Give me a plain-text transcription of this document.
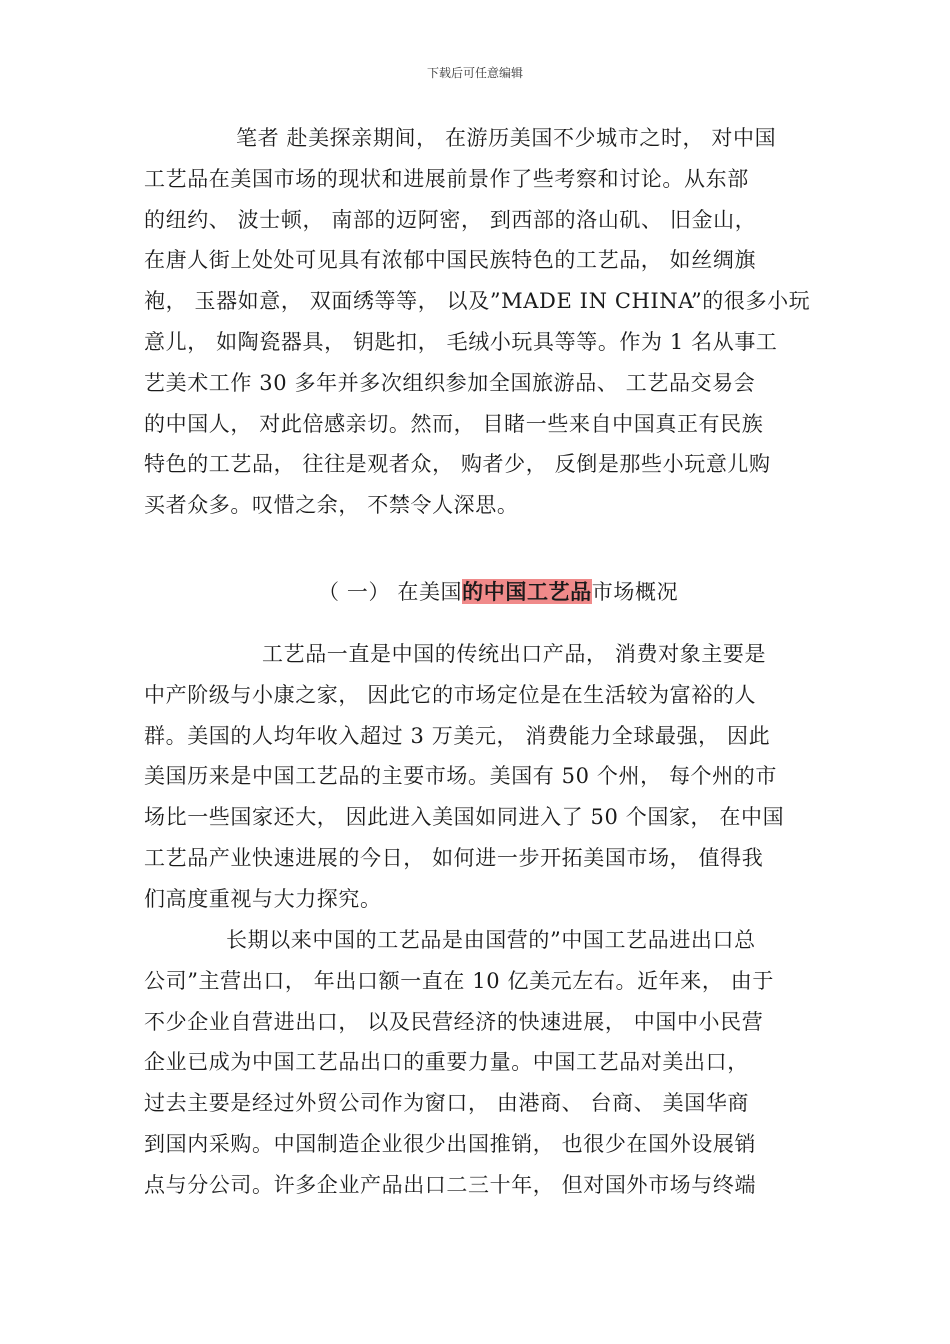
下载后可任意编辑
笔者 赴美探亲期间， 在游历美国不少城市之时， 对中国
工艺品在美国市场的现状和进展前景作了些考察和讨论。从东部
的纽约、 波士顿， 南部的迈阿密， 到西部的洛山矶、 旧金山，
在唐人街上处处可见具有浓郁中国民族特色的工艺品， 如丝绸旗
袍， 玉器如意， 双面绣等等， 以及”MADE IN CHINA”的很多小玩
意儿， 如陶瓷器具， 钥匙扣， 毛绒小玩具等等。作为 1 名从事工
艺美术工作 30 多年并多次组织参加全国旅游品、 工艺品交易会
的中国人， 对此倍感亲切。然而， 目睹一些来自中国真正有民族
特色的工艺品， 往往是观者众， 购者少， 反倒是那些小玩意儿购
买者众多。叹惜之余， 不禁令人深思。
（ 一） 在美国的中国工艺品市场概况
工艺品一直是中国的传统出口产品， 消费对象主要是
中产阶级与小康之家， 因此它的市场定位是在生活较为富裕的人
群。美国的人均年收入超过 3 万美元， 消费能力全球最强， 因此
美国历来是中国工艺品的主要市场。美国有 50 个州， 每个州的市
场比一些国家还大， 因此进入美国如同进入了 50 个国家， 在中国
工艺品产业快速进展的今日， 如何进一步开拓美国市场， 值得我
们高度重视与大力探究。
长期以来中国的工艺品是由国营的”中国工艺品进出口总
公司”主营出口， 年出口额一直在 10 亿美元左右。近年来， 由于
不少企业自营进出口， 以及民营经济的快速进展， 中国中小民营
企业已成为中国工艺品出口的重要力量。中国工艺品对美出口，
过去主要是经过外贸公司作为窗口， 由港商、 台商、 美国华商
到国内采购。中国制造企业很少出国推销， 也很少在国外设展销
点与分公司。许多企业产品出口二三十年， 但对国外市场与终端
